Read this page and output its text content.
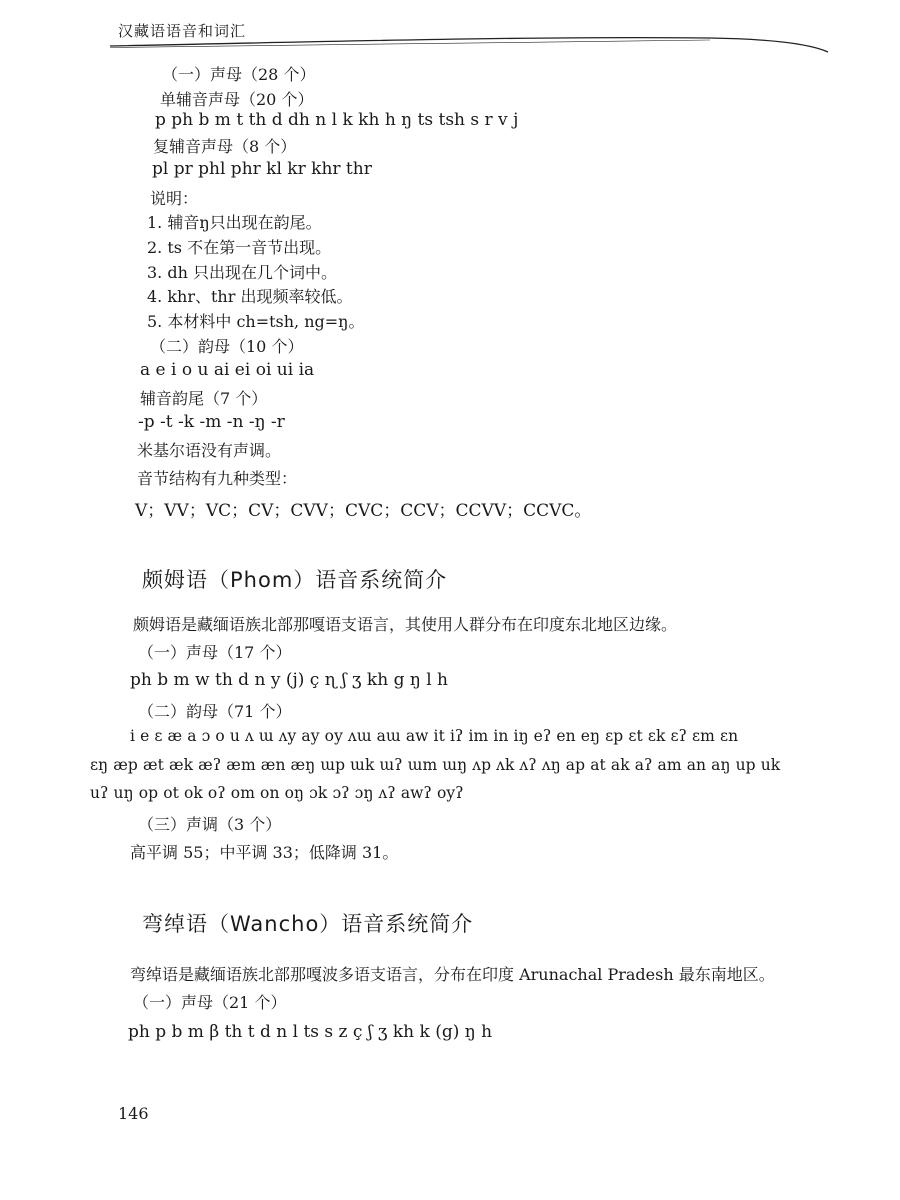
汉藏语语音和词汇
（一）声母（28 个）
单辅音声母（20 个）
p ph b m t th d dh n l k kh h ŋ ts tsh s r v j
复辅音声母（8 个）
pl pr phl phr kl kr khr thr
说明：
1. 辅音ŋ只出现在韵尾。
2. ts 不在第一音节出现。
3. dh 只出现在几个词中。
4. khr、thr 出现频率较低。
5. 本材料中 ch=tsh, ng=ŋ。
（二）韵母（10 个）
a e i o u ai ei oi ui ia
辅音韵尾（7 个）
-p -t -k -m -n -ŋ -r
米基尔语没有声调。
音节结构有九种类型：
V；VV；VC；CV；CVV；CVC；CCV；CCVV；CCVC。
颇姆语（Phom）语音系统简介
颇姆语是藏缅语族北部那嘎语支语言，其使用人群分布在印度东北地区边缘。
（一）声母（17 个）
ph b m w th d n y (j) ç ɳ ʃ ʒ kh g ŋ l h
（二）韵母（71 个）
i e ɛ æ a ɔ o u ʌ ɯ ʌy ay oy ʌɯ aɯ aw it iʔ im in iŋ eʔ en eŋ ɛp ɛt ɛk ɛʔ ɛm ɛn
ɛŋ æp æt æk æʔ æm æn æŋ ɯp ɯk ɯʔ ɯm ɯŋ ʌp ʌk ʌʔ ʌŋ ap at ak aʔ am an aŋ up uk
uʔ uŋ op ot ok oʔ om on oŋ ɔk ɔʔ ɔŋ ʌʔ awʔ oyʔ
（三）声调（3 个）
高平调 55；中平调 33；低降调 31。
弯绰语（Wancho）语音系统简介
弯绰语是藏缅语族北部那嘎波多语支语言，分布在印度 Arunachal Pradesh 最东南地区。
（一）声母（21 个）
ph p b m β th t d n l ts s z ç ʃ ʒ kh k (g) ŋ h
146
